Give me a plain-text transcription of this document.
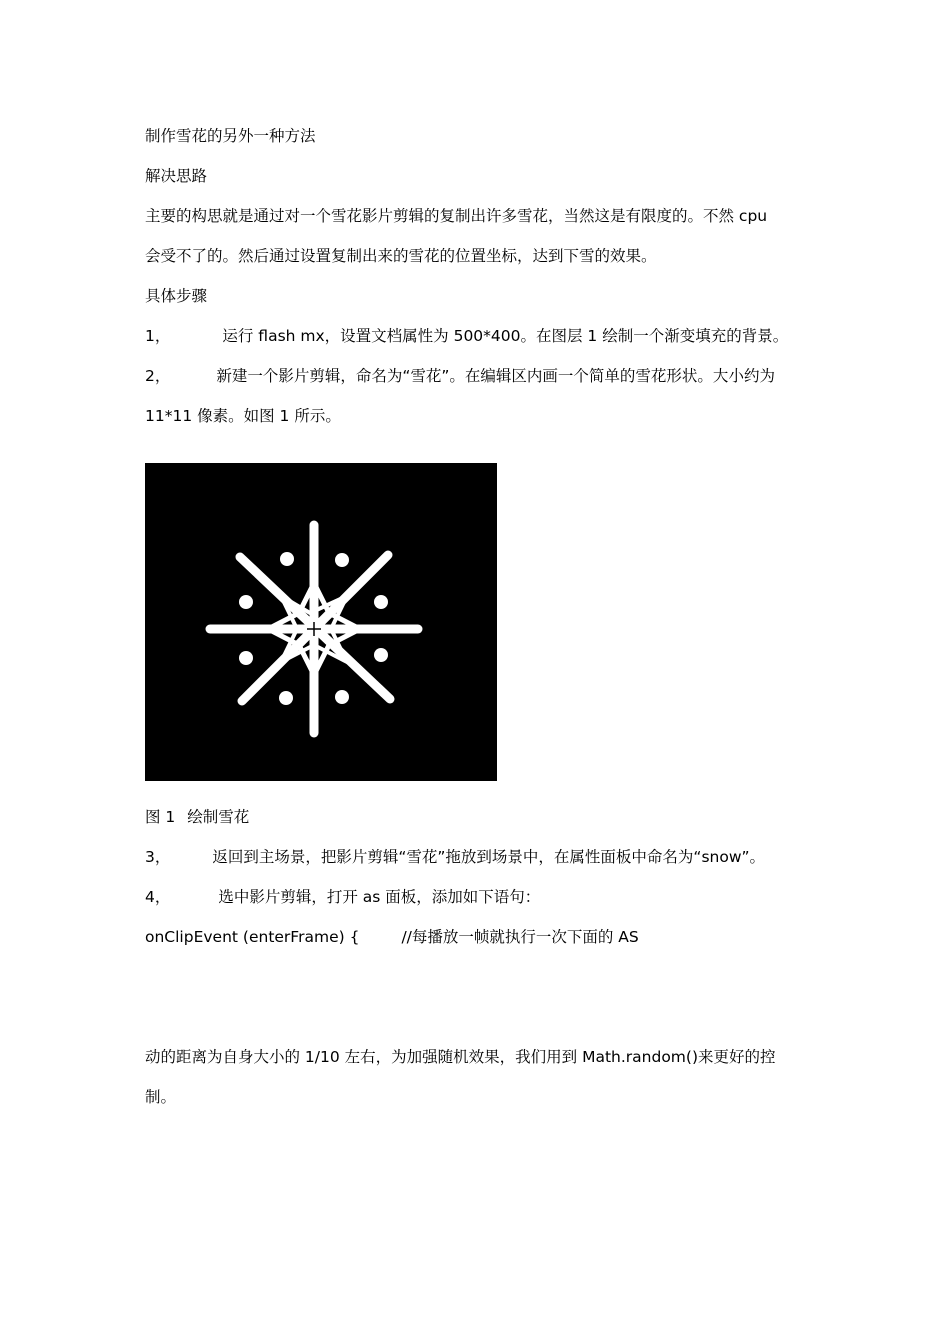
制作雪花的另外一种方法
解决思路
主要的构思就是通过对一个雪花影片剪辑的复制出许多雪花，当然这是有限度的。不然 cpu
会受不了的。然后通过设置复制出来的雪花的位置坐标，达到下雪的效果。
具体步骤
1，	运行 flash mx，设置文档属性为 500*400。在图层 1 绘制一个渐变填充的背景。
2，	新建一个影片剪辑，命名为“雪花”。在编辑区内画一个简单的雪花形状。大小约为
11*11 像素。如图 1 所示。
图 1 绘制雪花
3，	返回到主场景，把影片剪辑“雪花”拖放到场景中，在属性面板中命名为“snow”。
4，	选中影片剪辑，打开 as 面板，添加如下语句：
onClipEvent (enterFrame) {	//每播放一帧就执行一次下面的 AS

动的距离为自身大小的 1/10 左右，为加强随机效果，我们用到 Math.random()来更好的控
制。
